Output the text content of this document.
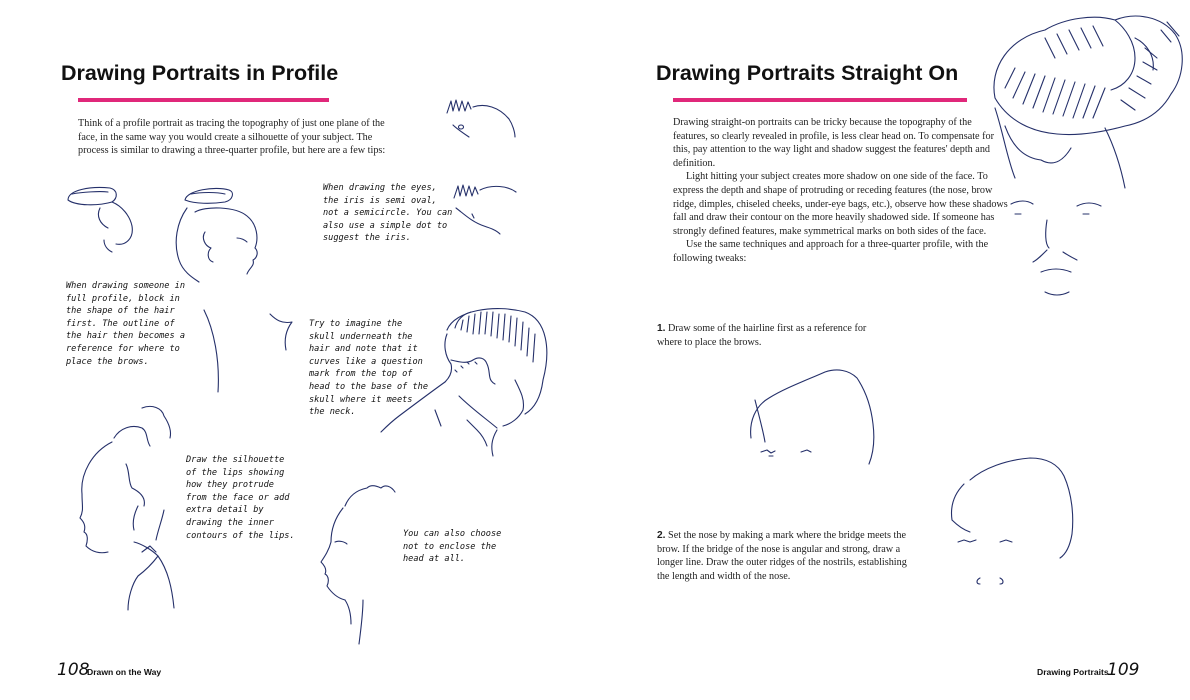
Drawing Portraits in Profile

Think of a profile portrait as tracing the topography of just one plane of the face, in the same way you would create a silhouette of your subject. The process is similar to drawing a three-quarter profile, but here are a few tips:

When drawing the eyes, the iris is semi oval, not a semicircle. You can also use a simple dot to suggest the iris.
When drawing someone in full profile, block in the shape of the hair first. The outline of the hair then becomes a reference for where to place the brows.
Try to imagine the skull underneath the hair and note that it curves like a question mark from the top of head to the base of the skull where it meets the neck.
Draw the silhouette of the lips showing how they protrude from the face or add extra detail by drawing the inner contours of the lips.	You can also choose not to enclose the head at all.
108
Drawn on the Way
Drawing Portraits Straight On

Drawing straight-on portraits can be tricky because the topography of the features, so clearly revealed in profile, is less clear head on. To compensate for this, pay attention to the way light and shadow suggest the features' depth and definition.

Light hitting your subject creates more shadow on one side of the face. To express the depth and shape of protruding or receding features (the nose, brow ridge, dimples, chiseled cheeks, under-eye bags, etc.), observe how these shadows fall and draw their contour on the more heavily shadowed side. If someone has strongly defined features, make symmetrical marks on both sides of the face.

Use the same techniques and approach for a three-quarter profile, with the following tweaks:

1. Draw some of the hairline first as a reference for where to place the brows.
2. Set the nose by making a mark where the bridge meets the brow. If the bridge of the nose is angular and strong, draw a longer line. Draw the outer ridges of the nostrils, establishing the length and width of the nose.
Drawing Portraits
109
